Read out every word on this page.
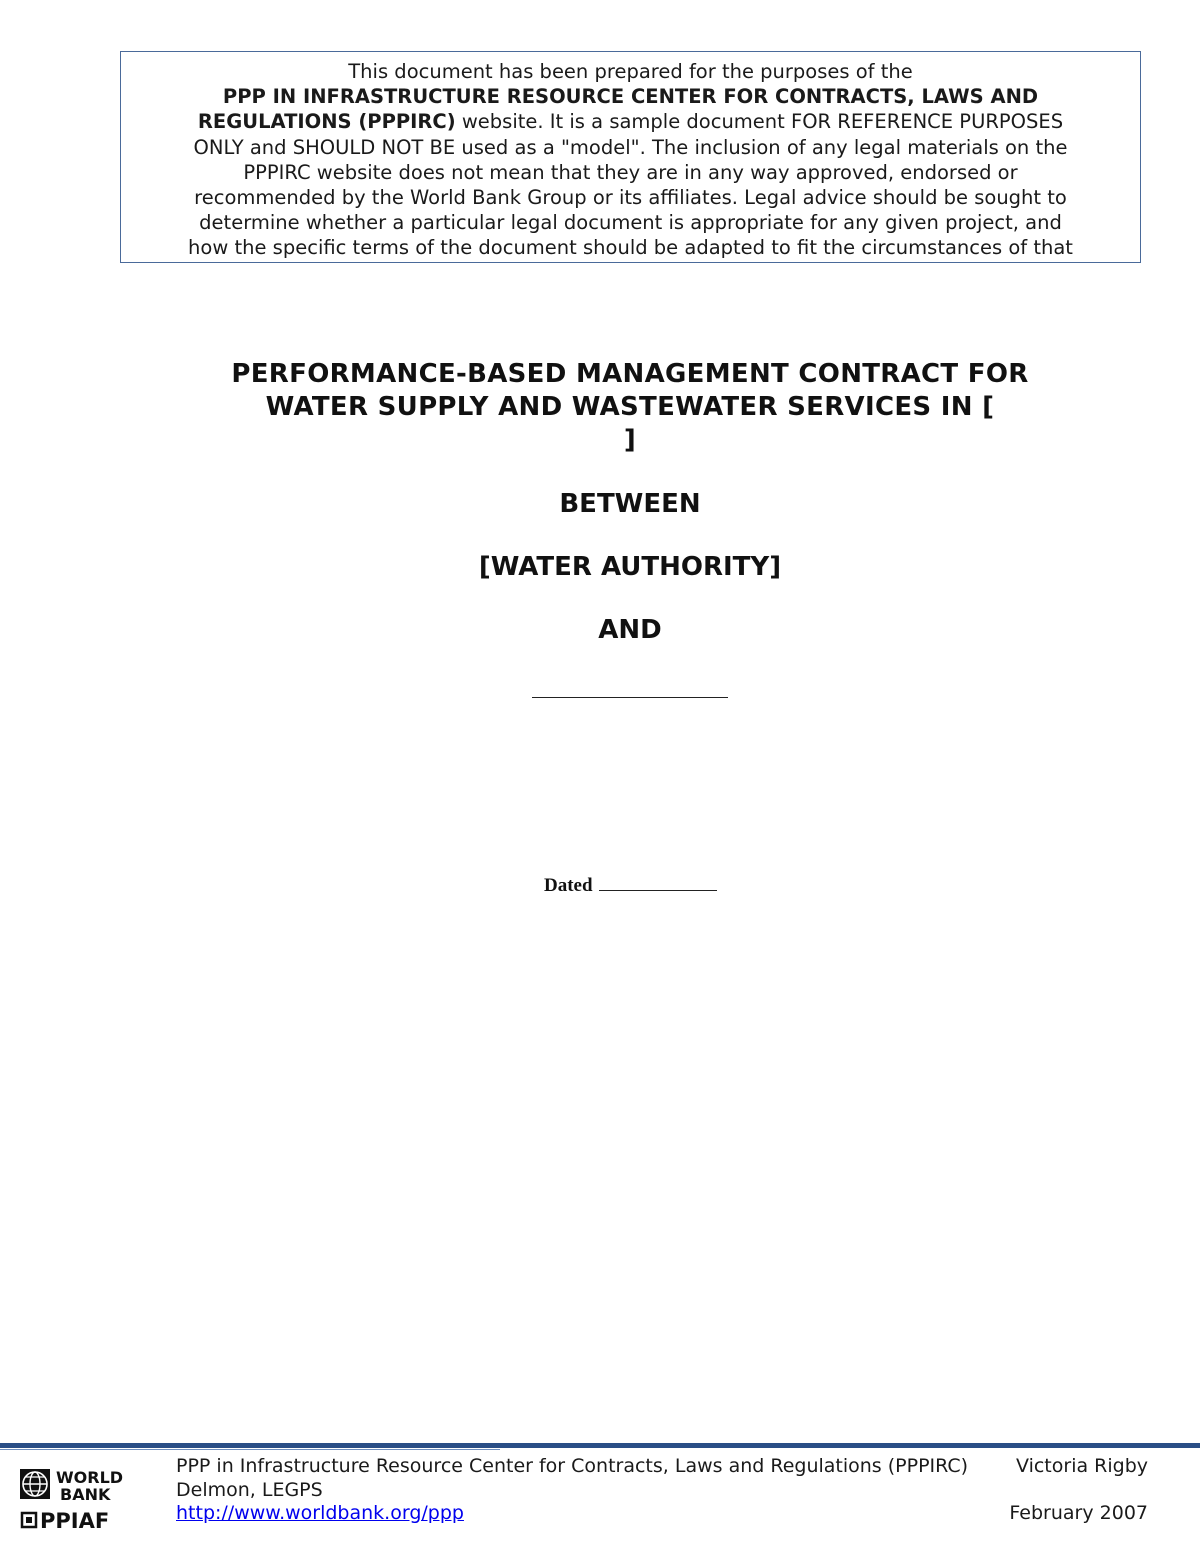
This document has been prepared for the purposes of the
PPP IN INFRASTRUCTURE RESOURCE CENTER FOR CONTRACTS, LAWS AND
REGULATIONS (PPPIRC) website. It is a sample document FOR REFERENCE PURPOSES
ONLY and SHOULD NOT BE used as a "model". The inclusion of any legal materials on the
PPPIRC website does not mean that they are in any way approved, endorsed or
recommended by the World Bank Group or its affiliates. Legal advice should be sought to
determine whether a particular legal document is appropriate for any given project, and
how the specific terms of the document should be adapted to fit the circumstances of that
PERFORMANCE-BASED MANAGEMENT CONTRACT FOR
WATER SUPPLY AND WASTEWATER SERVICES IN [
]
BETWEEN
[WATER AUTHORITY]
AND
Dated
WORLD
BANK
PPIAF
PPP in Infrastructure Resource Center for Contracts, Laws and Regulations (PPPIRC)	Victoria Rigby
Delmon, LEGPS
http://www.worldbank.org/ppp	February 2007
